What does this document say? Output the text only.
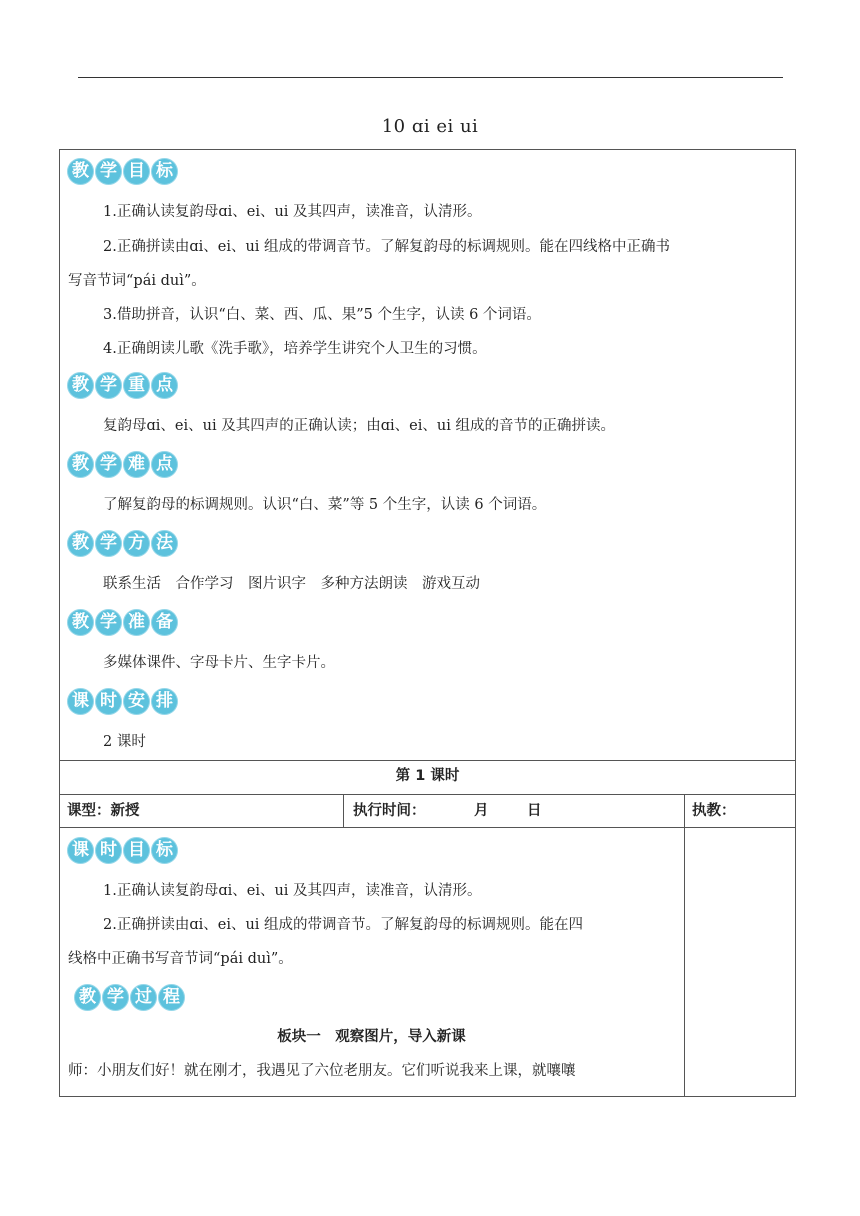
10 ɑi ei ui
教 学 目 标
1.正确认读复韵母ɑi、ei、ui 及其四声，读准音，认清形。
2.正确拼读由ɑi、ei、ui 组成的带调音节。了解复韵母的标调规则。能在四线格中正确书
写音节词“pái duì”。
3.借助拼音，认识“白、菜、西、瓜、果”5 个生字，认读 6 个词语。
4.正确朗读儿歌《洗手歌》，培养学生讲究个人卫生的习惯。
教 学 重 点
复韵母ɑi、ei、ui 及其四声的正确认读；由ɑi、ei、ui 组成的音节的正确拼读。
教 学 难 点
了解复韵母的标调规则。认识“白、菜”等 5 个生字，认读 6 个词语。
教 学 方 法
联系生活　合作学习　图片识字　多种方法朗读　游戏互动
教 学 准 备
多媒体课件、字母卡片、生字卡片。
课 时 安 排
2 课时
第 1 课时
课型：新授	执行时间：	月	日	执教：
课 时 目 标
1.正确认读复韵母ɑi、ei、ui 及其四声，读准音，认清形。
2.正确拼读由ɑi、ei、ui 组成的带调音节。了解复韵母的标调规则。能在四
线格中正确书写音节词“pái duì”。
教 学 过 程
板块一　观察图片，导入新课
师：小朋友们好！就在刚才，我遇见了六位老朋友。它们听说我来上课，就嚷嚷
